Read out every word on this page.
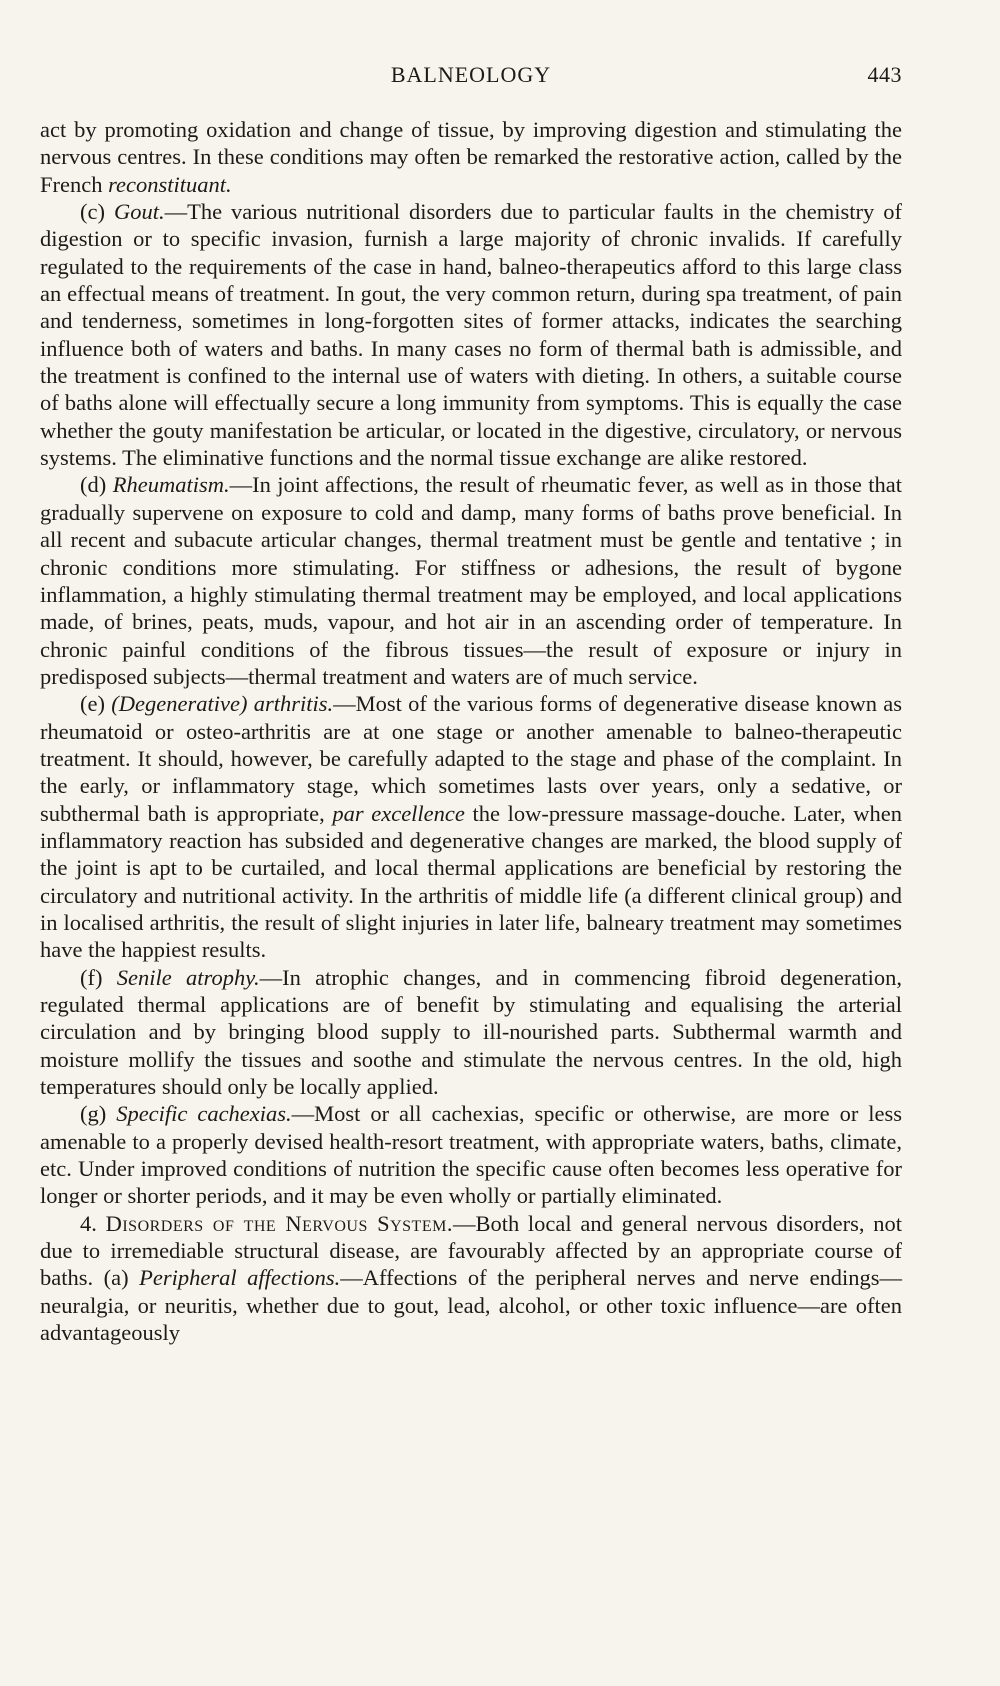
BALNEOLOGY	443

act by promoting oxidation and change of tissue, by improving digestion and stimulating the nervous centres. In these conditions may often be remarked the restorative action, called by the French reconstituant.

(c) Gout.—The various nutritional disorders due to particular faults in the chemistry of digestion or to specific invasion, furnish a large majority of chronic invalids. If carefully regulated to the requirements of the case in hand, balneo-therapeutics afford to this large class an effectual means of treatment. In gout, the very common return, during spa treatment, of pain and tenderness, sometimes in long-forgotten sites of former attacks, indicates the searching influence both of waters and baths. In many cases no form of thermal bath is admissible, and the treatment is confined to the internal use of waters with dieting. In others, a suitable course of baths alone will effectually secure a long immunity from symptoms. This is equally the case whether the gouty manifestation be articular, or located in the digestive, circulatory, or nervous systems. The eliminative functions and the normal tissue exchange are alike restored.

(d) Rheumatism.—In joint affections, the result of rheumatic fever, as well as in those that gradually supervene on exposure to cold and damp, many forms of baths prove beneficial. In all recent and subacute articular changes, thermal treatment must be gentle and tentative ; in chronic conditions more stimulating. For stiffness or adhesions, the result of bygone inflammation, a highly stimulating thermal treatment may be employed, and local applications made, of brines, peats, muds, vapour, and hot air in an ascending order of temperature. In chronic painful conditions of the fibrous tissues—the result of exposure or injury in predisposed subjects—thermal treatment and waters are of much service.

(e) (Degenerative) arthritis.—Most of the various forms of degenerative disease known as rheumatoid or osteo-arthritis are at one stage or another amenable to balneo-therapeutic treatment. It should, however, be carefully adapted to the stage and phase of the complaint. In the early, or inflammatory stage, which sometimes lasts over years, only a sedative, or subthermal bath is appropriate, par excellence the low-pressure massage-douche. Later, when inflammatory reaction has subsided and degenerative changes are marked, the blood supply of the joint is apt to be curtailed, and local thermal applications are beneficial by restoring the circulatory and nutritional activity. In the arthritis of middle life (a different clinical group) and in localised arthritis, the result of slight injuries in later life, balneary treatment may sometimes have the happiest results.

(f) Senile atrophy.—In atrophic changes, and in commencing fibroid degeneration, regulated thermal applications are of benefit by stimulating and equalising the arterial circulation and by bringing blood supply to ill-nourished parts. Subthermal warmth and moisture mollify the tissues and soothe and stimulate the nervous centres. In the old, high temperatures should only be locally applied.

(g) Specific cachexias.—Most or all cachexias, specific or otherwise, are more or less amenable to a properly devised health-resort treatment, with appropriate waters, baths, climate, etc. Under improved conditions of nutrition the specific cause often becomes less operative for longer or shorter periods, and it may be even wholly or partially eliminated.

4. Disorders of the Nervous System.—Both local and general nervous disorders, not due to irremediable structural disease, are favourably affected by an appropriate course of baths. (a) Peripheral affections.—Affections of the peripheral nerves and nerve endings—neuralgia, or neuritis, whether due to gout, lead, alcohol, or other toxic influence—are often advantageously
